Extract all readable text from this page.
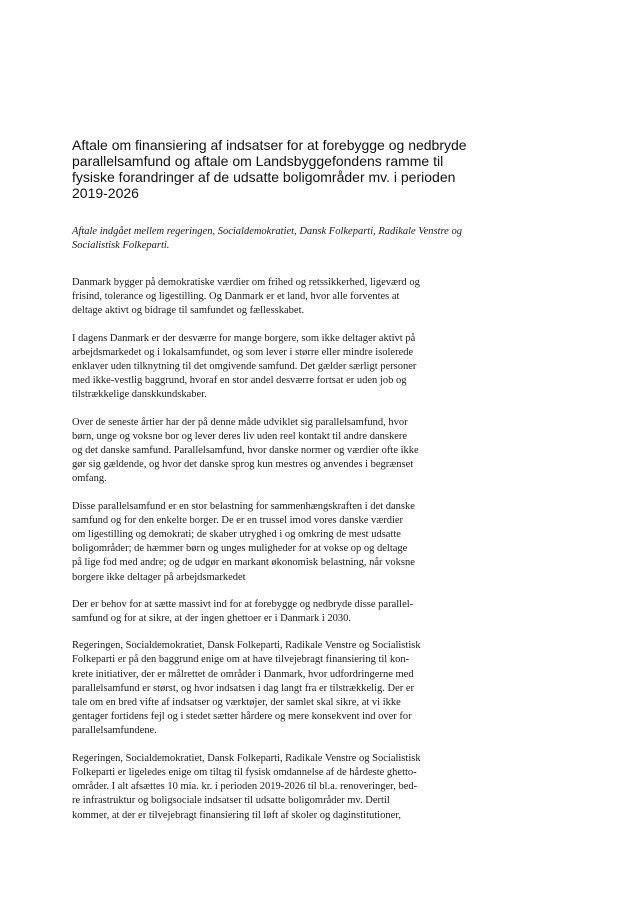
Aftale om finansiering af indsatser for at forebygge og nedbryde
parallelsamfund og aftale om Landsbyggefondens ramme til
fysiske forandringer af de udsatte boligområder mv. i perioden
2019-2026

Aftale indgået mellem regeringen, Socialdemokratiet, Dansk Folkeparti, Radikale Venstre og
Socialistisk Folkeparti.

Danmark bygger på demokratiske værdier om frihed og retssikkerhed, ligeværd og
frisind, tolerance og ligestilling. Og Danmark er et land, hvor alle forventes at
deltage aktivt og bidrage til samfundet og fællesskabet.

I dagens Danmark er der desværre for mange borgere, som ikke deltager aktivt på
arbejdsmarkedet og i lokalsamfundet, og som lever i større eller mindre isolerede
enklaver uden tilknytning til det omgivende samfund. Det gælder særligt personer
med ikke-vestlig baggrund, hvoraf en stor andel desværre fortsat er uden job og
tilstrækkelige danskkundskaber.

Over de seneste årtier har der på denne måde udviklet sig parallelsamfund, hvor
børn, unge og voksne bor og lever deres liv uden reel kontakt til andre danskere
og det danske samfund. Parallelsamfund, hvor danske normer og værdier ofte ikke
gør sig gældende, og hvor det danske sprog kun mestres og anvendes i begrænset
omfang.

Disse parallelsamfund er en stor belastning for sammenhængskraften i det danske
samfund og for den enkelte borger. De er en trussel imod vores danske værdier
om ligestilling og demokrati; de skaber utryghed i og omkring de mest udsatte
boligområder; de hæmmer børn og unges muligheder for at vokse op og deltage
på lige fod med andre; og de udgør en markant økonomisk belastning, når voksne
borgere ikke deltager på arbejdsmarkedet

Der er behov for at sætte massivt ind for at forebygge og nedbryde disse parallel-
samfund og for at sikre, at der ingen ghettoer er i Danmark i 2030.

Regeringen, Socialdemokratiet, Dansk Folkeparti, Radikale Venstre og Socialistisk
Folkeparti er på den baggrund enige om at have tilvejebragt finansiering til kon-
krete initiativer, der er målrettet de områder i Danmark, hvor udfordringerne med
parallelsamfund er størst, og hvor indsatsen i dag langt fra er tilstrækkelig. Der er
tale om en bred vifte af indsatser og værktøjer, der samlet skal sikre, at vi ikke
gentager fortidens fejl og i stedet sætter hårdere og mere konsekvent ind over for
parallelsamfundene.

Regeringen, Socialdemokratiet, Dansk Folkeparti, Radikale Venstre og Socialistisk
Folkeparti er ligeledes enige om tiltag til fysisk omdannelse af de hårdeste ghetto-
områder. I alt afsættes 10 mia. kr. i perioden 2019-2026 til bl.a. renoveringer, bed-
re infrastruktur og boligsociale indsatser til udsatte boligområder mv. Dertil
kommer, at der er tilvejebragt finansiering til løft af skoler og daginstitutioner,
